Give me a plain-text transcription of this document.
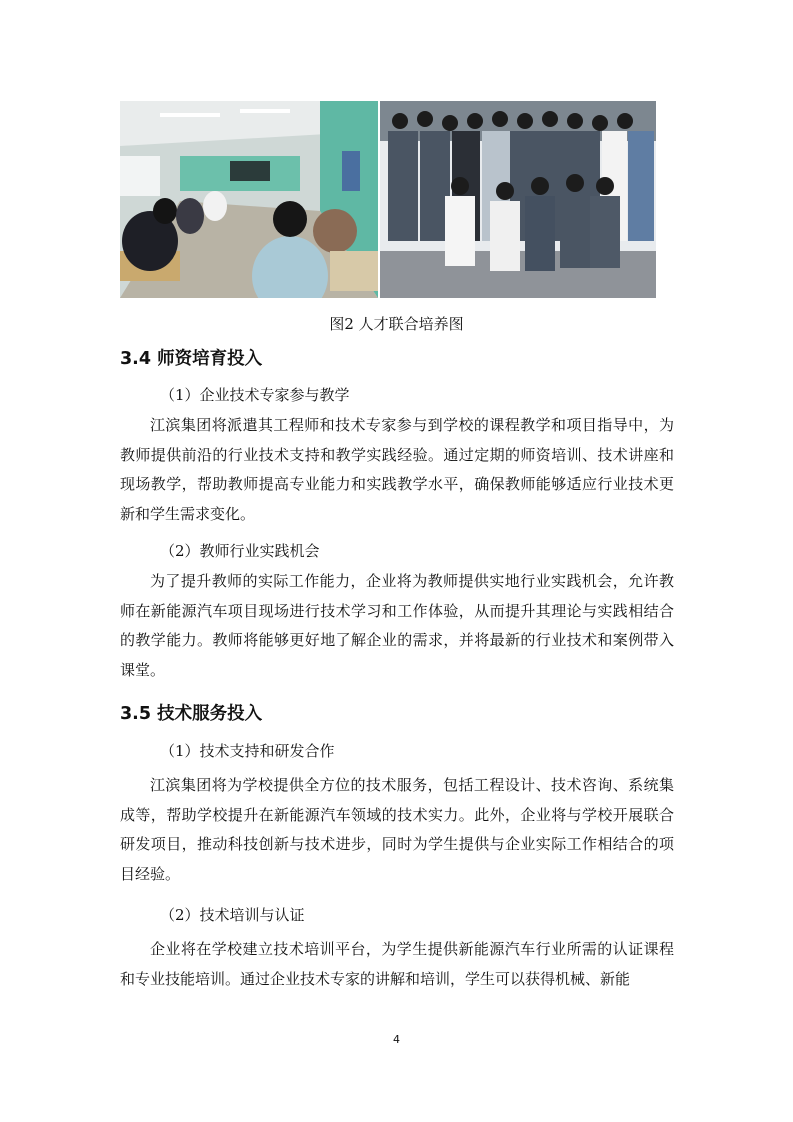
图2 人才联合培养图
3.4 师资培育投入

（1）企业技术专家参与教学

江滨集团将派遣其工程师和技术专家参与到学校的课程教学和项目指导中，为教师提供前沿的行业技术支持和教学实践经验。通过定期的师资培训、技术讲座和现场教学，帮助教师提高专业能力和实践教学水平，确保教师能够适应行业技术更新和学生需求变化。

（2）教师行业实践机会

为了提升教师的实际工作能力，企业将为教师提供实地行业实践机会，允许教师在新能源汽车项目现场进行技术学习和工作体验，从而提升其理论与实践相结合的教学能力。教师将能够更好地了解企业的需求，并将最新的行业技术和案例带入课堂。

3.5 技术服务投入

（1）技术支持和研发合作

江滨集团将为学校提供全方位的技术服务，包括工程设计、技术咨询、系统集成等，帮助学校提升在新能源汽车领域的技术实力。此外，企业将与学校开展联合研发项目，推动科技创新与技术进步，同时为学生提供与企业实际工作相结合的项目经验。

（2）技术培训与认证

企业将在学校建立技术培训平台，为学生提供新能源汽车行业所需的认证课程和专业技能培训。通过企业技术专家的讲解和培训，学生可以获得机械、新能

4
